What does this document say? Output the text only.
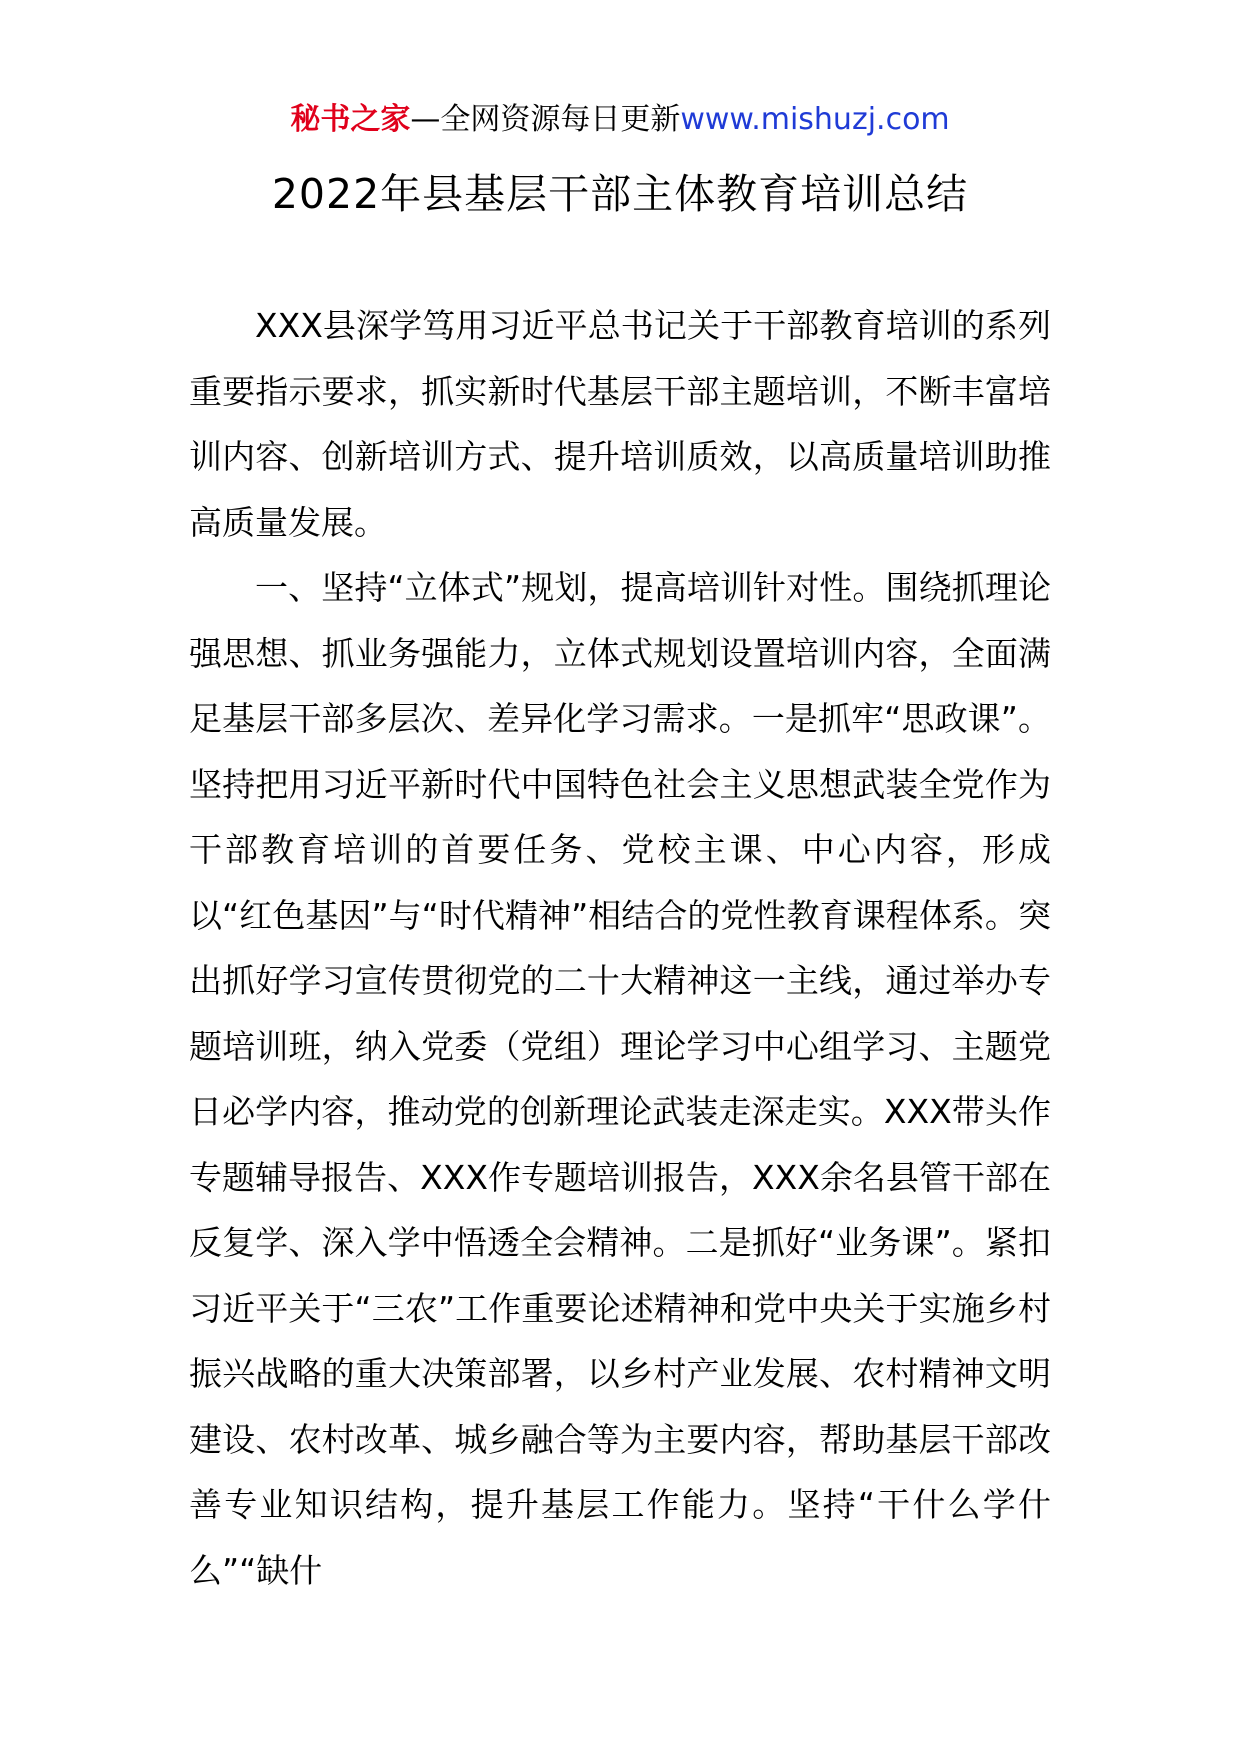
秘书之家—全网资源每日更新www.mishuzj.com
2022年县基层干部主体教育培训总结

XXX县深学笃用习近平总书记关于干部教育培训的系列重要指示要求，抓实新时代基层干部主题培训，不断丰富培训内容、创新培训方式、提升培训质效，以高质量培训助推高质量发展。

一、坚持“立体式”规划，提高培训针对性。围绕抓理论强思想、抓业务强能力，立体式规划设置培训内容，全面满足基层干部多层次、差异化学习需求。一是抓牢“思政课”。坚持把用习近平新时代中国特色社会主义思想武装全党作为干部教育培训的首要任务、党校主课、中心内容，形成以“红色基因”与“时代精神”相结合的党性教育课程体系。突出抓好学习宣传贯彻党的二十大精神这一主线，通过举办专题培训班，纳入党委（党组）理论学习中心组学习、主题党日必学内容，推动党的创新理论武装走深走实。XXX带头作专题辅导报告、XXX作专题培训报告，XXX余名县管干部在反复学、深入学中悟透全会精神。二是抓好“业务课”。紧扣习近平关于“三农”工作重要论述精神和党中央关于实施乡村振兴战略的重大决策部署，以乡村产业发展、农村精神文明建设、农村改革、城乡融合等为主要内容，帮助基层干部改善专业知识结构，提升基层工作能力。坚持“干什么学什么”“缺什
